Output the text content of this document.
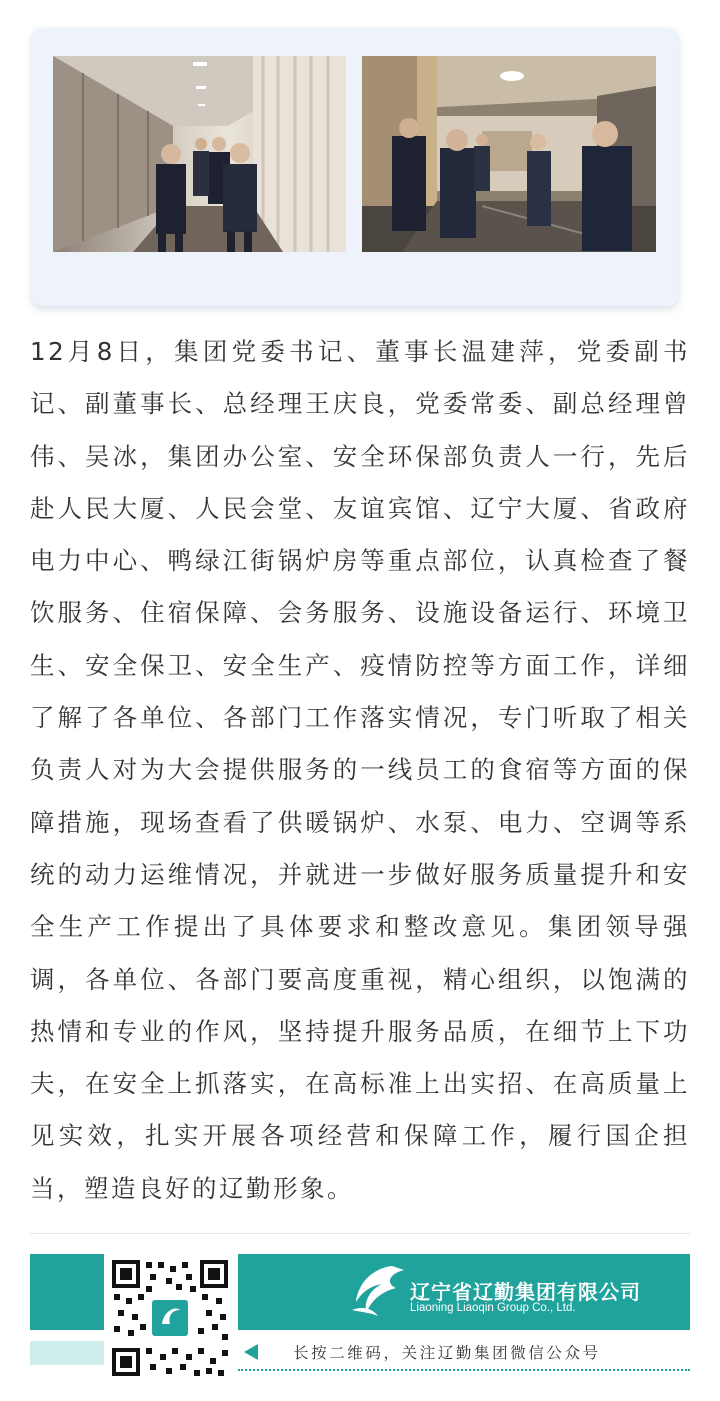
12月8日，集团党委书记、董事长温建萍，党委副书记、副董事长、总经理王庆良，党委常委、副总经理曾伟、吴冰，集团办公室、安全环保部负责人一行，先后赴人民大厦、人民会堂、友谊宾馆、辽宁大厦、省政府电力中心、鸭绿江街锅炉房等重点部位，认真检查了餐饮服务、住宿保障、会务服务、设施设备运行、环境卫生、安全保卫、安全生产、疫情防控等方面工作，详细了解了各单位、各部门工作落实情况，专门听取了相关负责人对为大会提供服务的一线员工的食宿等方面的保障措施，现场查看了供暖锅炉、水泵、电力、空调等系统的动力运维情况，并就进一步做好服务质量提升和安全生产工作提出了具体要求和整改意见。集团领导强调，各单位、各部门要高度重视，精心组织，以饱满的热情和专业的作风，坚持提升服务品质，在细节上下功夫，在安全上抓落实，在高标准上出实招、在高质量上见实效，扎实开展各项经营和保障工作，履行国企担当，塑造良好的辽勤形象。

辽宁省辽勤集团有限公司
Liaoning Liaoqin Group Co., Ltd.
长按二维码，关注辽勤集团微信公众号
